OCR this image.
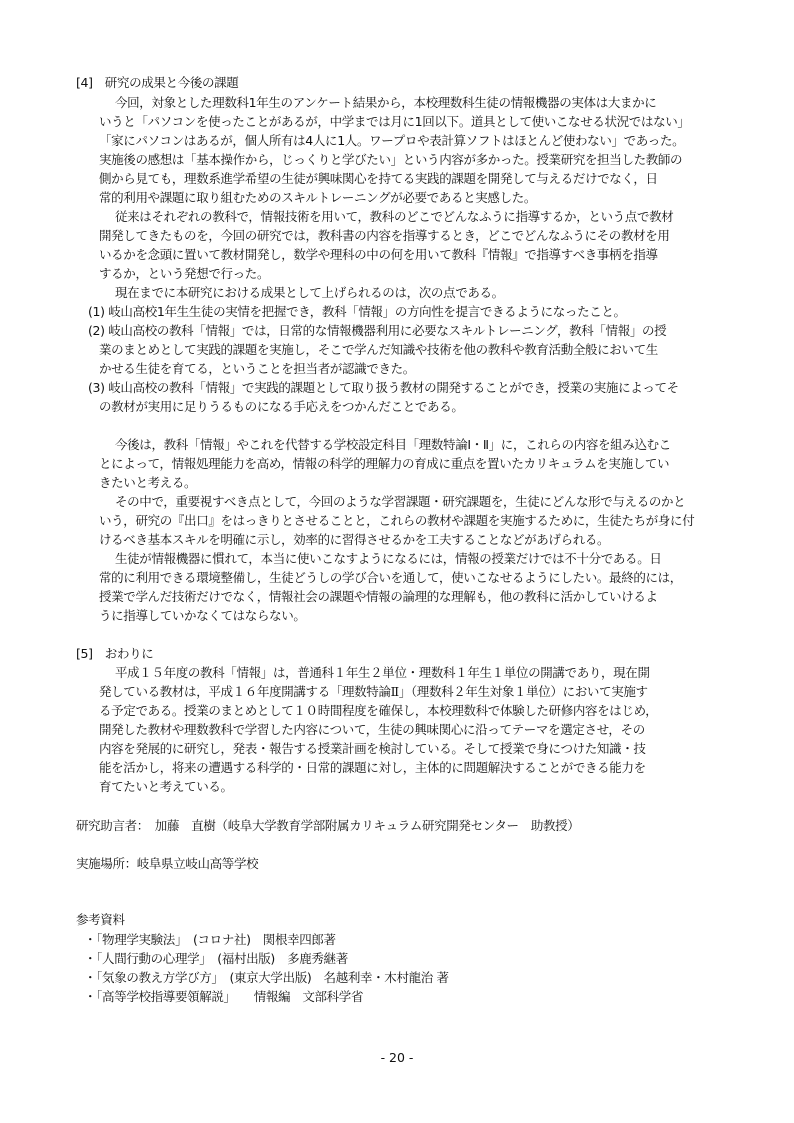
[4]　研究の成果と今後の課題
今回，対象とした理数科1年生のアンケート結果から，本校理数科生徒の情報機器の実体は大まかに
いうと「パソコンを使ったことがあるが，中学までは月に1回以下。道具として使いこなせる状況ではない」
「家にパソコンはあるが，個人所有は4人に1人。ワープロや表計算ソフトはほとんど使わない」であった。
実施後の感想は「基本操作から，じっくりと学びたい」という内容が多かった。授業研究を担当した教師の
側から見ても，理数系進学希望の生徒が興味関心を持てる実践的課題を開発して与えるだけでなく，日
常的利用や課題に取り組むためのスキルトレーニングが必要であると実感した。
従来はそれぞれの教科で，情報技術を用いて，教科のどこでどんなふうに指導するか，という点で教材
開発してきたものを，今回の研究では，教科書の内容を指導するとき，どこでどんなふうにその教材を用
いるかを念頭に置いて教材開発し，数学や理科の中の何を用いて教科『情報』で指導すべき事柄を指導
するか，という発想で行った。
現在までに本研究における成果として上げられるのは，次の点である。
(1) 岐山高校1年生生徒の実情を把握でき，教科「情報」の方向性を提言できるようになったこと。
(2) 岐山高校の教科「情報」では，日常的な情報機器利用に必要なスキルトレーニング，教科「情報」の授
業のまとめとして実践的課題を実施し，そこで学んだ知識や技術を他の教科や教育活動全般において生
かせる生徒を育てる，ということを担当者が認識できた。
(3) 岐山高校の教科「情報」で実践的課題として取り扱う教材の開発することができ，授業の実施によってそ
の教材が実用に足りうるものになる手応えをつかんだことである。
今後は，教科「情報」やこれを代替する学校設定科目「理数特論Ⅰ・Ⅱ」に，これらの内容を組み込むこ
とによって，情報処理能力を高め，情報の科学的理解力の育成に重点を置いたカリキュラムを実施してい
きたいと考える。
その中で，重要視すべき点として，今回のような学習課題・研究課題を，生徒にどんな形で与えるのかと
いう，研究の『出口』をはっきりとさせることと，これらの教材や課題を実施するために，生徒たちが身に付
けるべき基本スキルを明確に示し，効率的に習得させるかを工夫することなどがあげられる。
生徒が情報機器に慣れて，本当に使いこなすようになるには，情報の授業だけでは不十分である。日
常的に利用できる環境整備し，生徒どうしの学び合いを通して，使いこなせるようにしたい。最終的には，
授業で学んだ技術だけでなく，情報社会の課題や情報の論理的な理解も，他の教科に活かしていけるよ
うに指導していかなくてはならない。
[5]　おわりに
平成１５年度の教科「情報」は，普通科１年生２単位・理数科１年生１単位の開講であり，現在開
発している教材は，平成１６年度開講する「理数特論Ⅱ」（理数科２年生対象１単位）において実施す
る予定である。授業のまとめとして１０時間程度を確保し，本校理数科で体験した研修内容をはじめ，
開発した教材や理数教科で学習した内容について，生徒の興味関心に沿ってテーマを選定させ，その
内容を発展的に研究し，発表・報告する授業計画を検討している。そして授業で身につけた知識・技
能を活かし，将来の遭遇する科学的・日常的課題に対し，主体的に問題解決することができる能力を
育てたいと考えている。
研究助言者：　加藤　直樹（岐阜大学教育学部附属カリキュラム研究開発センター　助教授）
実施場所：岐阜県立岐山高等学校
参考資料
・「物理学実験法」　(コロナ社)　関根幸四郎著
・「人間行動の心理学」　(福村出版)　多鹿秀継著
・「気象の教え方学び方」　(東京大学出版)　名越利幸・木村龍治 著
・「高等学校指導要領解説」　　情報編　文部科学省
- 20 -
